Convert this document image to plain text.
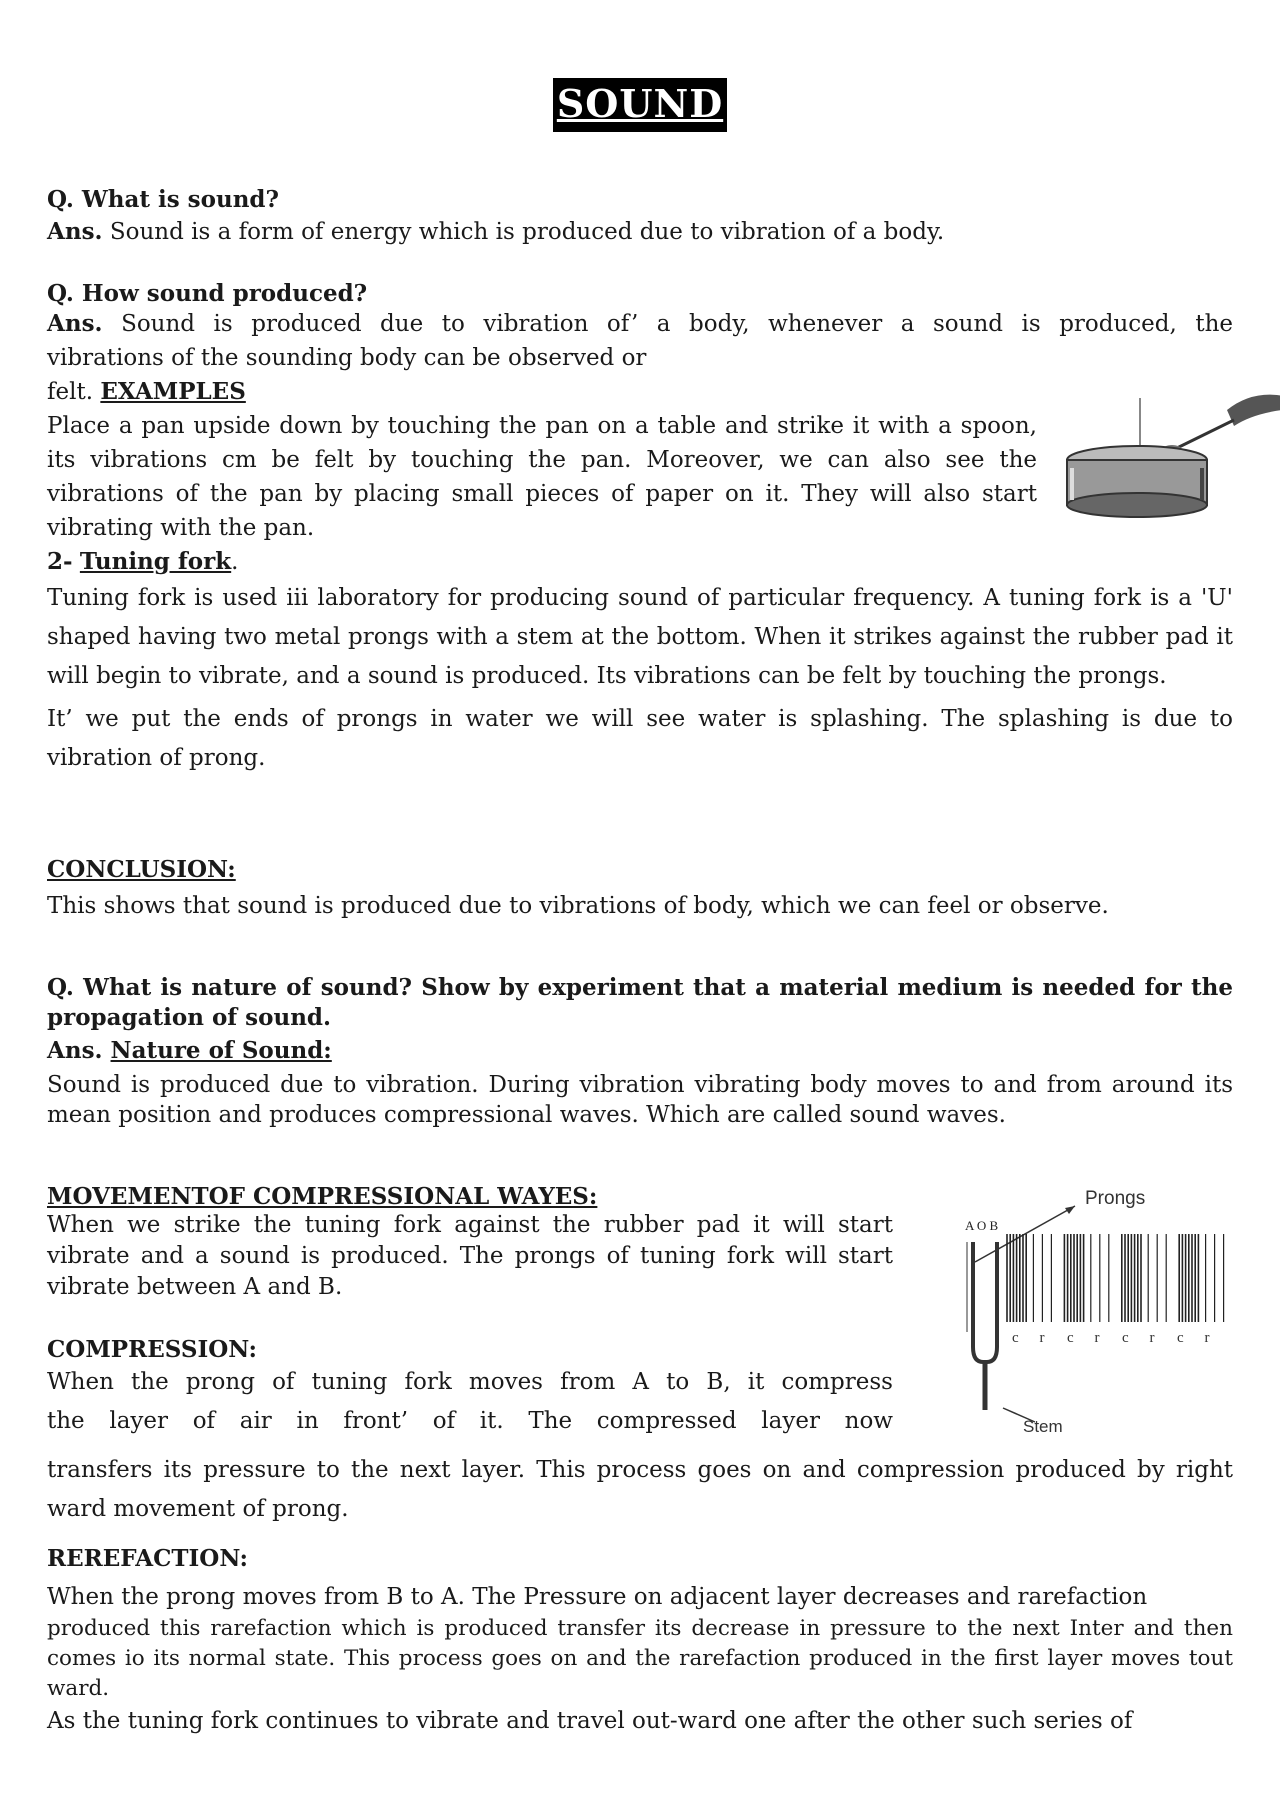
SOUND

Q. What is sound?

Ans. Sound is a form of energy which is produced due to vibration of a body.

Q. How sound produced?

Ans. Sound is produced due to vibration of’ a body, whenever a sound is produced, the

vibrations of the sounding body can be observed or

felt. EXAMPLES

Place a pan upside down by touching the pan on a table and strike it with a spoon, its vibrations cm be felt by touching the pan. Moreover, we can also see the vibrations of the pan by placing small pieces of paper on it. They will also start vibrating with the pan.

2- Tuning fork.

Tuning fork is used iii laboratory for producing sound of particular frequency. A tuning fork is a 'U' shaped having two metal prongs with a stem at the bottom. When it strikes against the rubber pad it will begin to vibrate, and a sound is produced. Its vibrations can be felt by touching the prongs.

It’ we put the ends of prongs in water we will see water is splashing. The splashing is due to vibration of prong.

CONCLUSION:

This shows that sound is produced due to vibrations of body, which we can feel or observe.

Q. What is nature of sound? Show by experiment that a material medium is needed for the propagation of sound.

Ans. Nature of Sound:

Sound is produced due to vibration. During vibration vibrating body moves to and from around its mean position and produces compressional waves. Which are called sound waves.

MOVEMENTOF COMPRESSIONAL WAYES:

When we strike the tuning fork against the rubber pad it will start vibrate and a sound is produced. The prongs of tuning fork will start vibrate between A and B.

COMPRESSION:

When the prong of tuning fork moves from A to B, it compress

the layer of air in front’ of it. The compressed layer now

transfers its pressure to the next layer. This process goes on and compression produced by right ward movement of prong.

REREFACTION:

When the prong moves from B to A. The Pressure on adjacent layer decreases and rarefaction

produced this rarefaction which is produced transfer its decrease in pressure to the next Inter and then comes io its normal state. This process goes on and the rarefaction produced in the first layer moves tout ward.

As the tuning fork continues to vibrate and travel out-ward one after the other such series of

Prongs
A O B
c r c r c r c r
Stem
